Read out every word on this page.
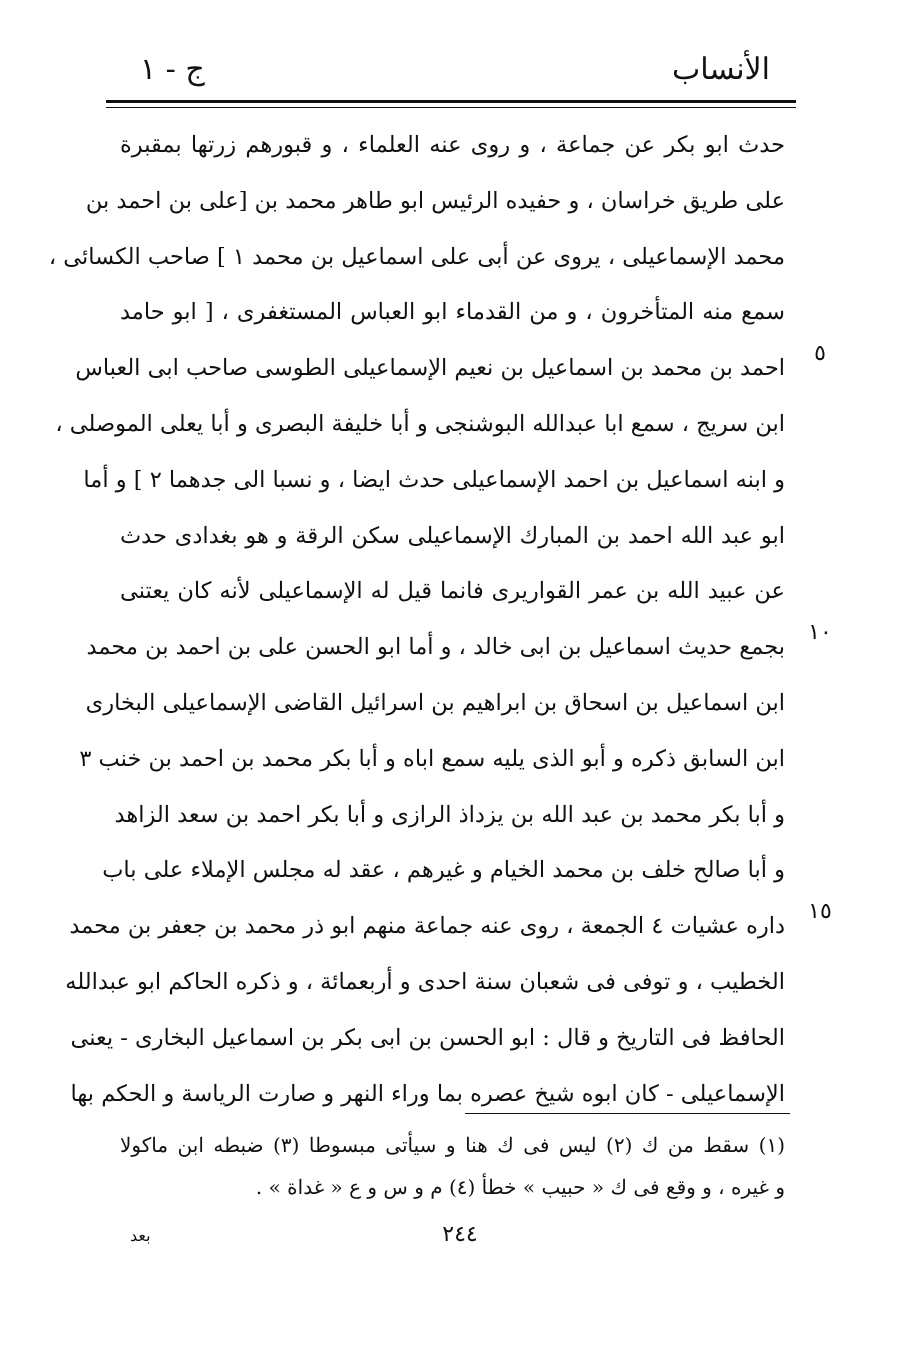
الأنساب
ج - ١
حدث ابو بكر عن جماعة ، و روى عنه العلماء ، و قبورهم زرتها بمقبرة
على طريق خراسان ، و حفيده الرئيس ابو طاهر محمد بن [على بن احمد بن
محمد الإسماعيلى ، يروى عن أبى على اسماعيل بن محمد ١ ] صاحب الكسائى ،
سمع منه المتأخرون ، و من القدماء ابو العباس المستغفرى ، [ ابو حامد
احمد بن محمد بن اسماعيل بن نعيم الإسماعيلى الطوسى صاحب ابى العباس
ابن سريج ، سمع ابا عبدالله البوشنجى و أبا خليفة البصرى و أبا يعلى الموصلى ،
و ابنه اسماعيل بن احمد الإسماعيلى حدث ايضا ، و نسبا الى جدهما ٢ ] و أما
ابو عبد الله احمد بن المبارك الإسماعيلى سكن الرقة و هو بغدادى حدث
عن عبيد الله بن عمر القواريرى فانما قيل له الإسماعيلى لأنه كان يعتنى
بجمع حديث اسماعيل بن ابى خالد ، و أما ابو الحسن على بن احمد بن محمد
ابن اسماعيل بن اسحاق بن ابراهيم بن اسرائيل القاضى الإسماعيلى البخارى
ابن السابق ذكره و أبو الذى يليه سمع اباه و أبا بكر محمد بن احمد بن خنب ٣
و أبا بكر محمد بن عبد الله بن يزداذ الرازى و أبا بكر احمد بن سعد الزاهد
و أبا صالح خلف بن محمد الخيام و غيرهم ، عقد له مجلس الإملاء على باب
داره عشيات ٤ الجمعة ، روى عنه جماعة منهم ابو ذر محمد بن جعفر بن محمد
الخطيب ، و توفى فى شعبان سنة احدى و أربعمائة ، و ذكره الحاكم ابو عبدالله
الحافظ فى التاريخ و قال : ابو الحسن بن ابى بكر بن اسماعيل البخارى - يعنى
الإسماعيلى - كان ابوه شيخ عصره بما وراء النهر و صارت الرياسة و الحكم بها
٥
١٠
١٥
(١) سقط من ك (٢) ليس فى ك هنا و سيأتى مبسوطا (٣) ضبطه ابن ماكولا
و غيره ، و وقع فى ك « حبيب » خطأ (٤) م و س و ع « غداة » .
٢٤٤
بعد
